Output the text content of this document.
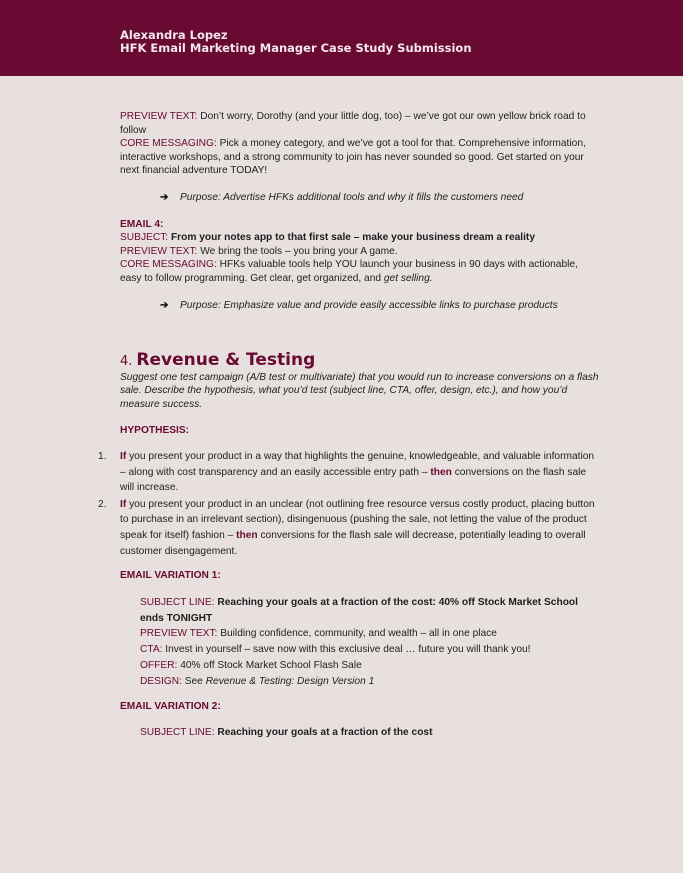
Alexandra Lopez
HFK Email Marketing Manager Case Study Submission

PREVIEW TEXT: Don’t worry, Dorothy (and your little dog, too) – we’ve got our own yellow brick road to follow

CORE MESSAGING: Pick a money category, and we’ve got a tool for that. Comprehensive information, interactive workshops, and a strong community to join has never sounded so good. Get started on your next financial adventure TODAY!

➔ Purpose: Advertise HFKs additional tools and why it fills the customers need

EMAIL 4:

SUBJECT: From your notes app to that first sale – make your business dream a reality

PREVIEW TEXT: We bring the tools – you bring your A game.

CORE MESSAGING: HFKs valuable tools help YOU launch your business in 90 days with actionable, easy to follow programming. Get clear, get organized, and get selling.

➔ Purpose: Emphasize value and provide easily accessible links to purchase products

4. Revenue & Testing

Suggest one test campaign (A/B test or multivariate) that you would run to increase conversions on a flash sale. Describe the hypothesis, what you’d test (subject line, CTA, offer, design, etc.), and how you’d measure success.

HYPOTHESIS:

1. If you present your product in a way that highlights the genuine, knowledgeable, and valuable information – along with cost transparency and an easily accessible entry path – then conversions on the flash sale will increase.
2. If you present your product in an unclear (not outlining free resource versus costly product, placing button to purchase in an irrelevant section), disingenuous (pushing the sale, not letting the value of the product speak for itself) fashion – then conversions for the flash sale will decrease, potentially leading to overall customer disengagement.

EMAIL VARIATION 1:

SUBJECT LINE: Reaching your goals at a fraction of the cost: 40% off Stock Market School ends TONIGHT

PREVIEW TEXT: Building confidence, community, and wealth – all in one place

CTA: Invest in yourself – save now with this exclusive deal … future you will thank you!

OFFER: 40% off Stock Market School Flash Sale

DESIGN: See Revenue & Testing: Design Version 1

EMAIL VARIATION 2:

SUBJECT LINE: Reaching your goals at a fraction of the cost
